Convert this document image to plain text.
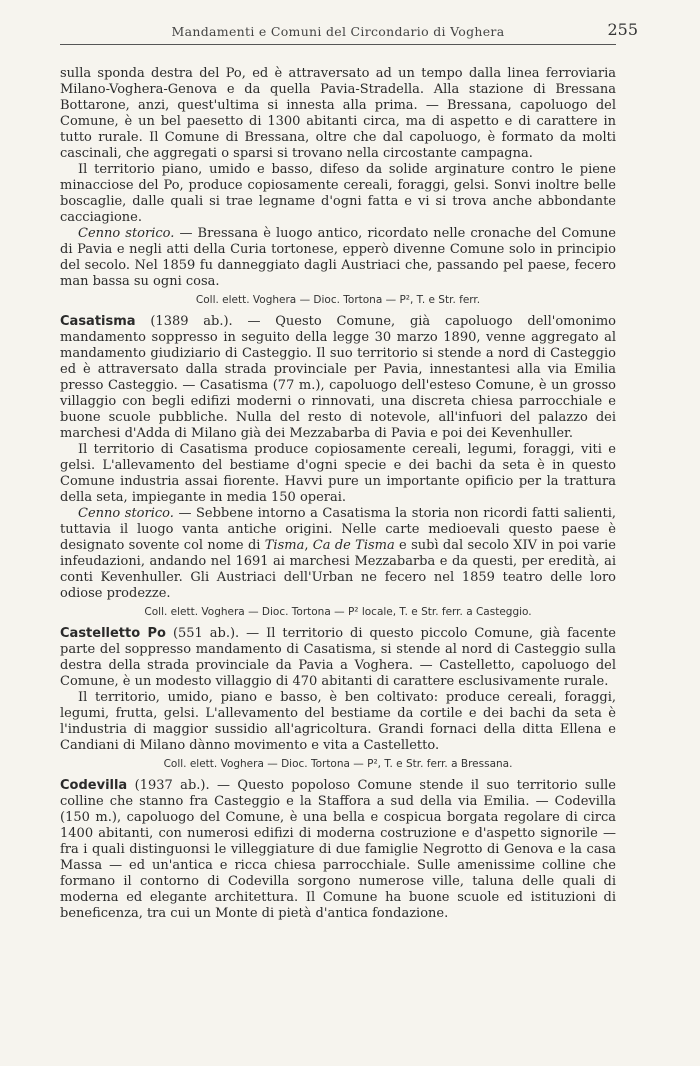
Mandamenti e Comuni del Circondario di Voghera	255

sulla sponda destra del Po, ed è attraversato ad un tempo dalla linea ferroviaria Milano-Voghera-Genova e da quella Pavia-Stradella. Alla stazione di Bressana Bottarone, anzi, quest'ultima si innesta alla prima. — Bressana, capoluogo del Comune, è un bel paesetto di 1300 abitanti circa, ma di aspetto e di carattere in tutto rurale. Il Comune di Bressana, oltre che dal capoluogo, è formato da molti cascinali, che aggregati o sparsi si trovano nella circostante campagna.

Il territorio piano, umido e basso, difeso da solide arginature contro le piene minacciose del Po, produce copiosamente cereali, foraggi, gelsi. Sonvi inoltre belle boscaglie, dalle quali si trae legname d'ogni fatta e vi si trova anche abbondante cacciagione.

Cenno storico. — Bressana è luogo antico, ricordato nelle cronache del Comune di Pavia e negli atti della Curia tortonese, epperò divenne Comune solo in principio del secolo. Nel 1859 fu danneggiato dagli Austriaci che, passando pel paese, fecero man bassa su ogni cosa.

Coll. elett. Voghera — Dioc. Tortona — P², T. e Str. ferr.

Casatisma (1389 ab.). — Questo Comune, già capoluogo dell'omonimo mandamento soppresso in seguito della legge 30 marzo 1890, venne aggregato al mandamento giudiziario di Casteggio. Il suo territorio si stende a nord di Casteggio ed è attraversato dalla strada provinciale per Pavia, innestantesi alla via Emilia presso Casteggio. — Casatisma (77 m.), capoluogo dell'esteso Comune, è un grosso villaggio con begli edifizi moderni o rinnovati, una discreta chiesa parrocchiale e buone scuole pubbliche. Nulla del resto di notevole, all'infuori del palazzo dei marchesi d'Adda di Milano già dei Mezzabarba di Pavia e poi dei Kevenhuller.

Il territorio di Casatisma produce copiosamente cereali, legumi, foraggi, viti e gelsi. L'allevamento del bestiame d'ogni specie e dei bachi da seta è in questo Comune industria assai fiorente. Havvi pure un importante opificio per la trattura della seta, impiegante in media 150 operai.

Cenno storico. — Sebbene intorno a Casatisma la storia non ricordi fatti salienti, tuttavia il luogo vanta antiche origini. Nelle carte medioevali questo paese è designato sovente col nome di Tisma, Ca de Tisma e subì dal secolo XIV in poi varie infeudazioni, andando nel 1691 ai marchesi Mezzabarba e da questi, per eredità, ai conti Kevenhuller. Gli Austriaci dell'Urban ne fecero nel 1859 teatro delle loro odiose prodezze.

Coll. elett. Voghera — Dioc. Tortona — P² locale, T. e Str. ferr. a Casteggio.

Castelletto Po (551 ab.). — Il territorio di questo piccolo Comune, già facente parte del soppresso mandamento di Casatisma, si stende al nord di Casteggio sulla destra della strada provinciale da Pavia a Voghera. — Castelletto, capoluogo del Comune, è un modesto villaggio di 470 abitanti di carattere esclusivamente rurale.

Il territorio, umido, piano e basso, è ben coltivato: produce cereali, foraggi, legumi, frutta, gelsi. L'allevamento del bestiame da cortile e dei bachi da seta è l'industria di maggior sussidio all'agricoltura. Grandi fornaci della ditta Ellena e Candiani di Milano dànno movimento e vita a Castelletto.

Coll. elett. Voghera — Dioc. Tortona — P², T. e Str. ferr. a Bressana.

Codevilla (1937 ab.). — Questo popoloso Comune stende il suo territorio sulle colline che stanno fra Casteggio e la Staffora a sud della via Emilia. — Codevilla (150 m.), capoluogo del Comune, è una bella e cospicua borgata regolare di circa 1400 abitanti, con numerosi edifizi di moderna costruzione e d'aspetto signorile — fra i quali distinguonsi le villeggiature di due famiglie Negrotto di Genova e la casa Massa — ed un'antica e ricca chiesa parrocchiale. Sulle amenissime colline che formano il contorno di Codevilla sorgono numerose ville, taluna delle quali di moderna ed elegante architettura. Il Comune ha buone scuole ed istituzioni di beneficenza, tra cui un Monte di pietà d'antica fondazione.
